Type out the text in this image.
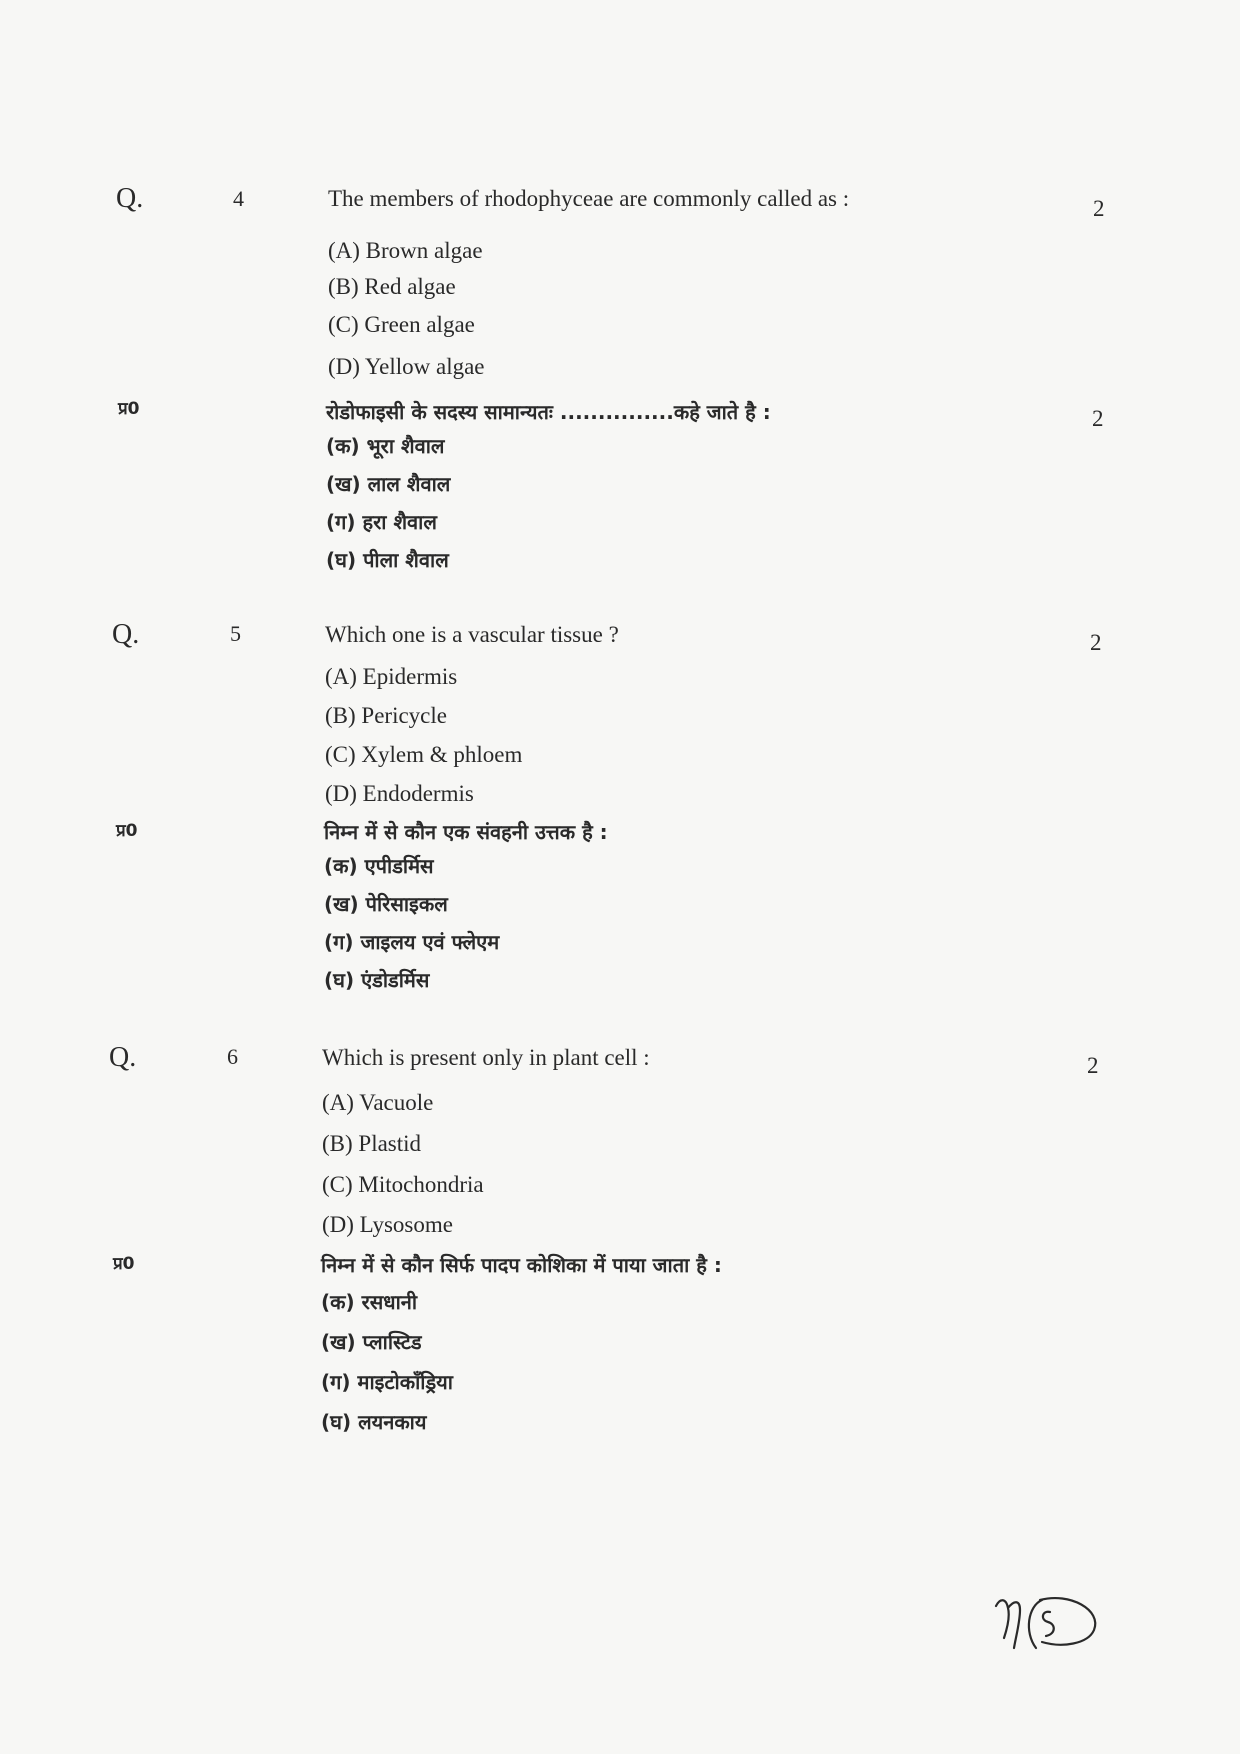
Q.	4	The members of rhodophyceae are commonly called as :	2
(A) Brown algae
(B) Red algae
(C) Green algae
(D) Yellow algae
प्र0	रोडोफाइसी के सदस्य सामान्यतः ...............कहे जाते है :	2
(क) भूरा शैवाल
(ख) लाल शैवाल
(ग) हरा शैवाल
(घ) पीला शैवाल
Q.	5	Which one is a vascular tissue ?	2
(A) Epidermis
(B) Pericycle
(C) Xylem & phloem
(D) Endodermis
प्र0	निम्न में से कौन एक संवहनी उत्तक है :
(क) एपीडर्मिस
(ख) पेरिसाइकल
(ग) जाइलय एवं फ्लेएम
(घ) एंडोडर्मिस
Q.	6	Which is present only in plant cell :	2
(A) Vacuole
(B) Plastid
(C) Mitochondria
(D) Lysosome
प्र0	निम्न में से कौन सिर्फ पादप कोशिका में पाया जाता है :
(क) रसधानी
(ख) प्लास्टिड
(ग) माइटोकॉंड्रिया
(घ) लयनकाय
